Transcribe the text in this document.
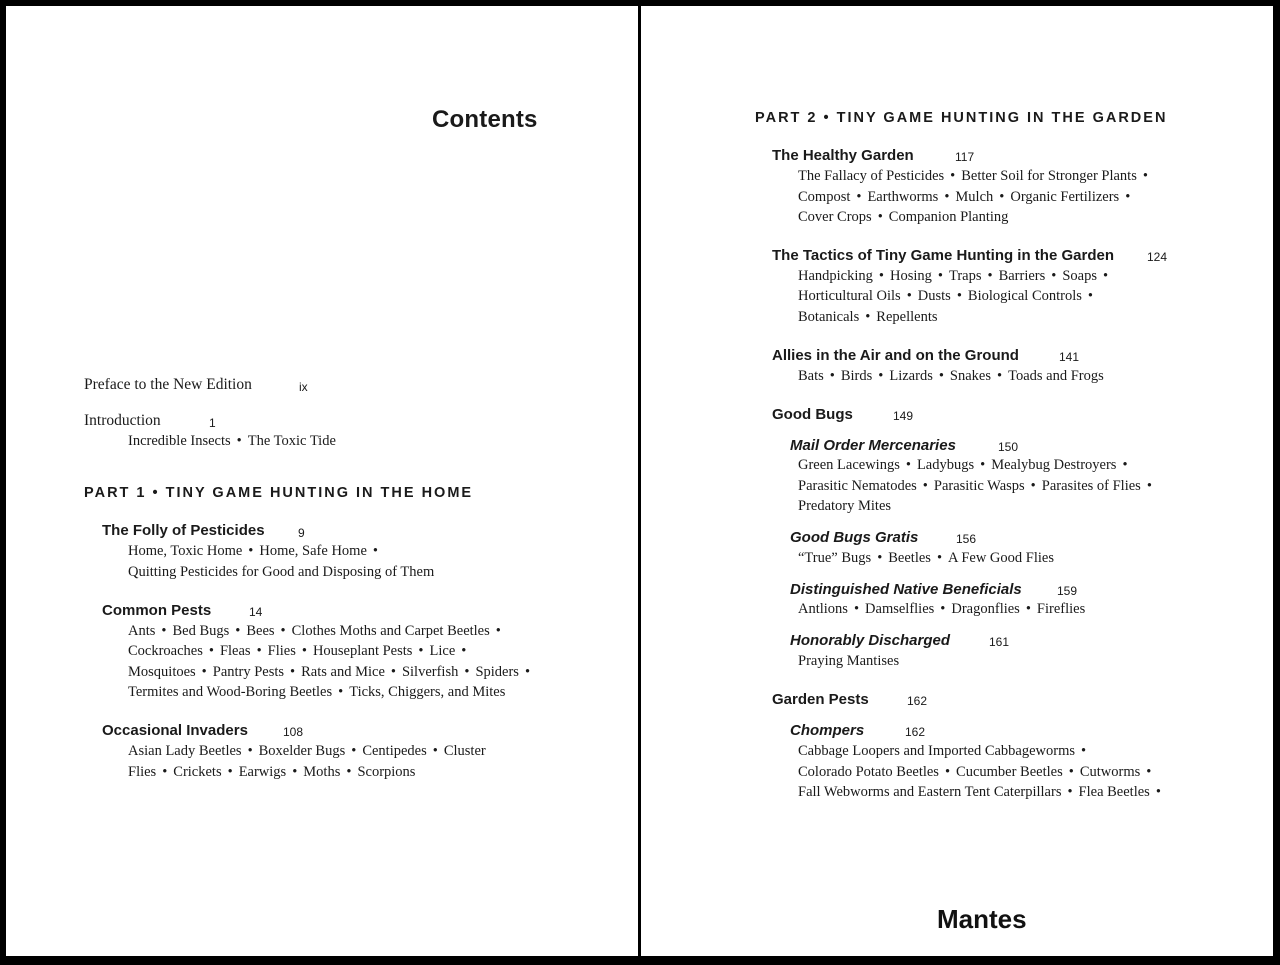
Contents
Preface to the New Edition	ix
Introduction	1
Incredible Insects • The Toxic Tide
PART 1 • TINY GAME HUNTING IN THE HOME
The Folly of Pesticides	9
Home, Toxic Home • Home, Safe Home •
Quitting Pesticides for Good and Disposing of Them
Common Pests	14
Ants • Bed Bugs • Bees • Clothes Moths and Carpet Beetles •
Cockroaches • Fleas • Flies • Houseplant Pests • Lice •
Mosquitoes • Pantry Pests • Rats and Mice • Silverfish • Spiders •
Termites and Wood-Boring Beetles • Ticks, Chiggers, and Mites
Occasional Invaders	108
Asian Lady Beetles • Boxelder Bugs • Centipedes • Cluster
Flies • Crickets • Earwigs • Moths • Scorpions
PART 2 • TINY GAME HUNTING IN THE GARDEN
The Healthy Garden	117
The Fallacy of Pesticides • Better Soil for Stronger Plants •
Compost • Earthworms • Mulch • Organic Fertilizers •
Cover Crops • Companion Planting
The Tactics of Tiny Game Hunting in the Garden	124
Handpicking • Hosing • Traps • Barriers • Soaps •
Horticultural Oils • Dusts • Biological Controls •
Botanicals • Repellents
Allies in the Air and on the Ground	141
Bats • Birds • Lizards • Snakes • Toads and Frogs
Good Bugs	149
Mail Order Mercenaries	150
Green Lacewings • Ladybugs • Mealybug Destroyers •
Parasitic Nematodes • Parasitic Wasps • Parasites of Flies •
Predatory Mites
Good Bugs Gratis	156
“True” Bugs • Beetles • A Few Good Flies
Distinguished Native Beneficials	159
Antlions • Damselflies • Dragonflies • Fireflies
Honorably Discharged	161
Praying Mantises
Garden Pests	162
Chompers	162
Cabbage Loopers and Imported Cabbageworms •
Colorado Potato Beetles • Cucumber Beetles • Cutworms •
Fall Webworms and Eastern Tent Caterpillars • Flea Beetles •
Mantes
